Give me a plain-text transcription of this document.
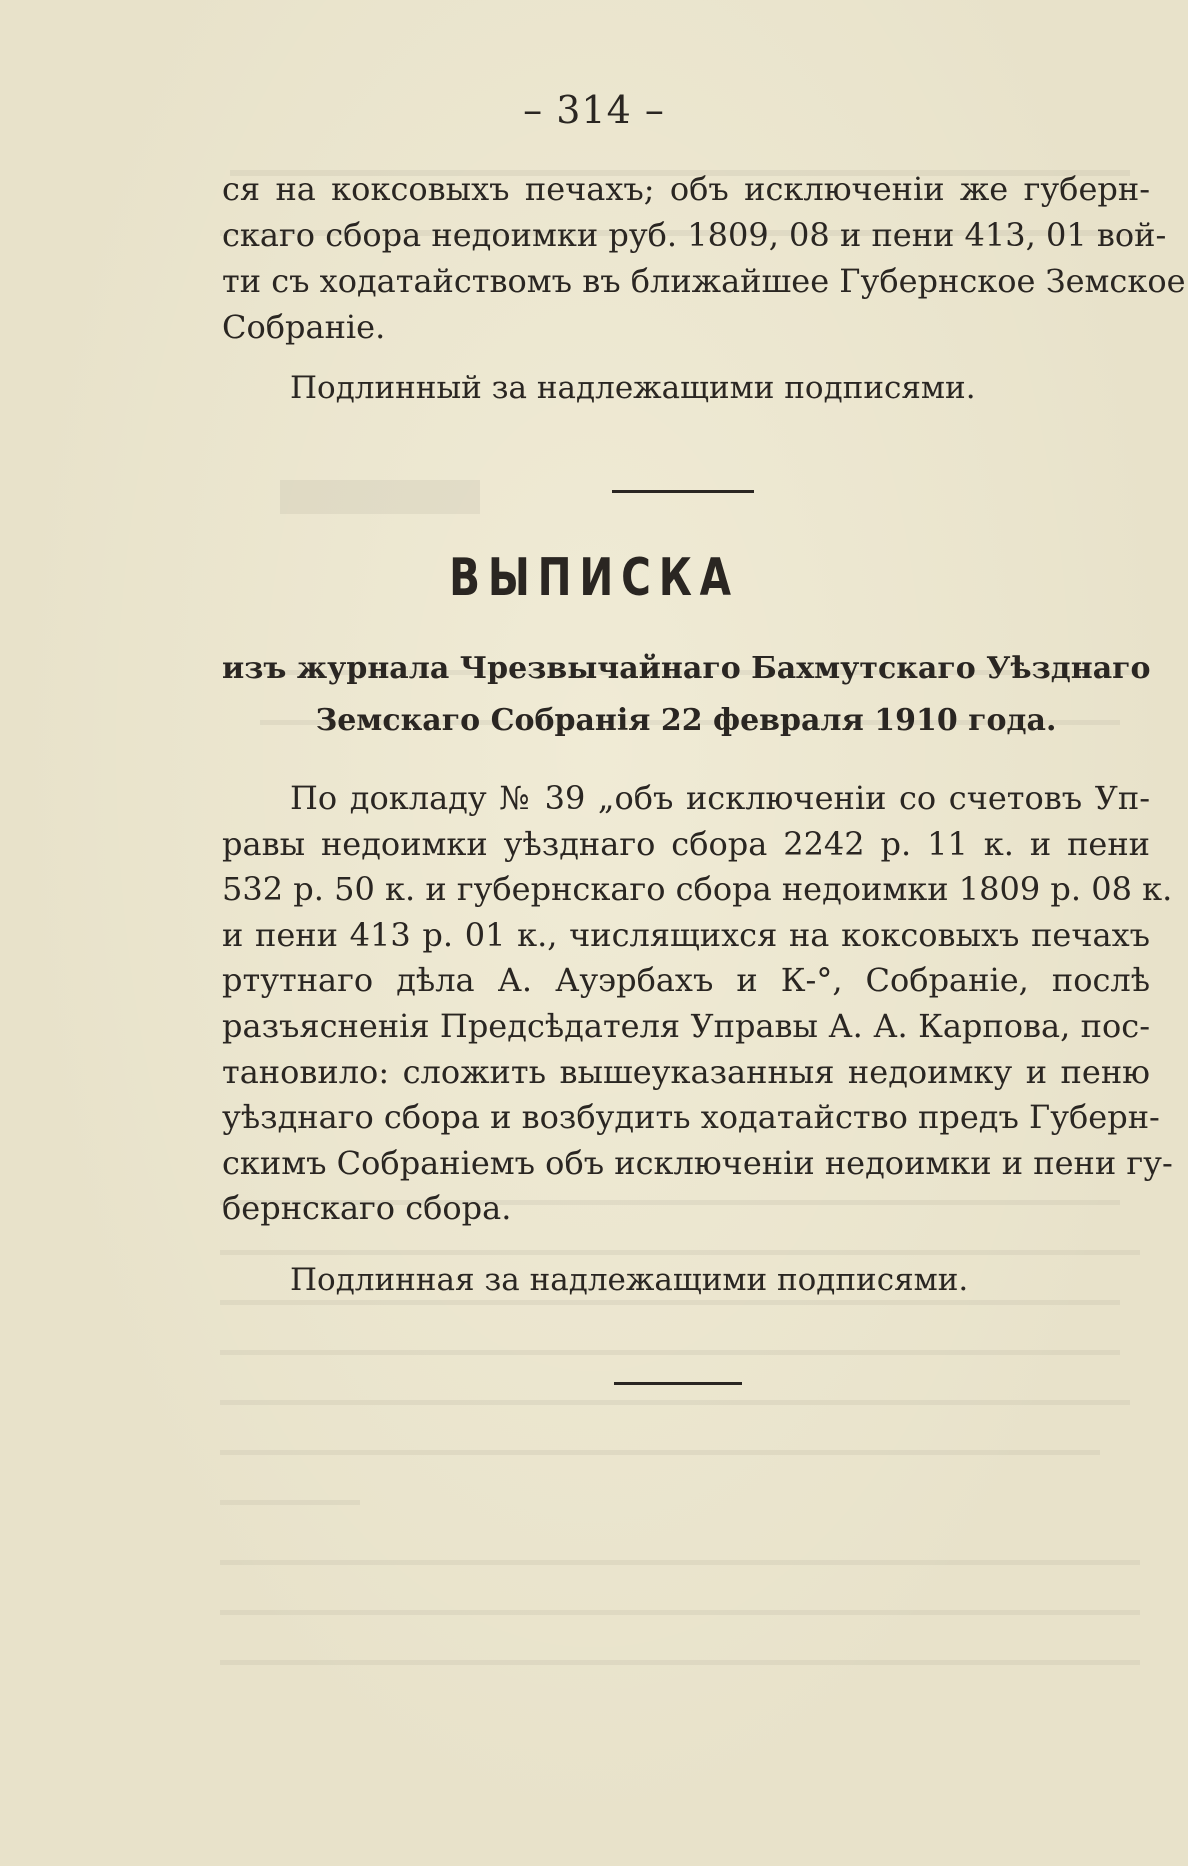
– 314 –
ся на коксовыхъ печахъ; объ исключенiи же губерн-
скаго сбора недоимки руб. 1809, 08 и пени 413, 01 вой-
ти съ ходатайствомъ въ ближайшее Губернское Земское
Собранiе.
Подлинный за надлежащими подписями.
ВЫПИСКА
изъ журнала Чрезвычайнаго Бахмутскаго Уѣзднаго
Земскаго Собранiя 22 февраля 1910 года.
По докладу № 39 „объ исключенiи со счетовъ Уп-
равы недоимки уѣзднаго сбора 2242 р. 11 к. и пени
532 р. 50 к. и губернскаго сбора недоимки 1809 р. 08 к.
и пени 413 р. 01 к., числящихся на коксовыхъ печахъ
ртутнаго дѣла А. Ауэрбахъ и К-°, Собранiе, послѣ
разъясненiя Предсѣдателя Управы А. А. Карпова, пос-
тановило: сложить вышеуказанныя недоимку и пеню
уѣзднаго сбора и возбудить ходатайство предъ Губерн-
скимъ Собранiемъ объ исключенiи недоимки и пени гу-
бернскаго сбора.
Подлинная за надлежащими подписями.
